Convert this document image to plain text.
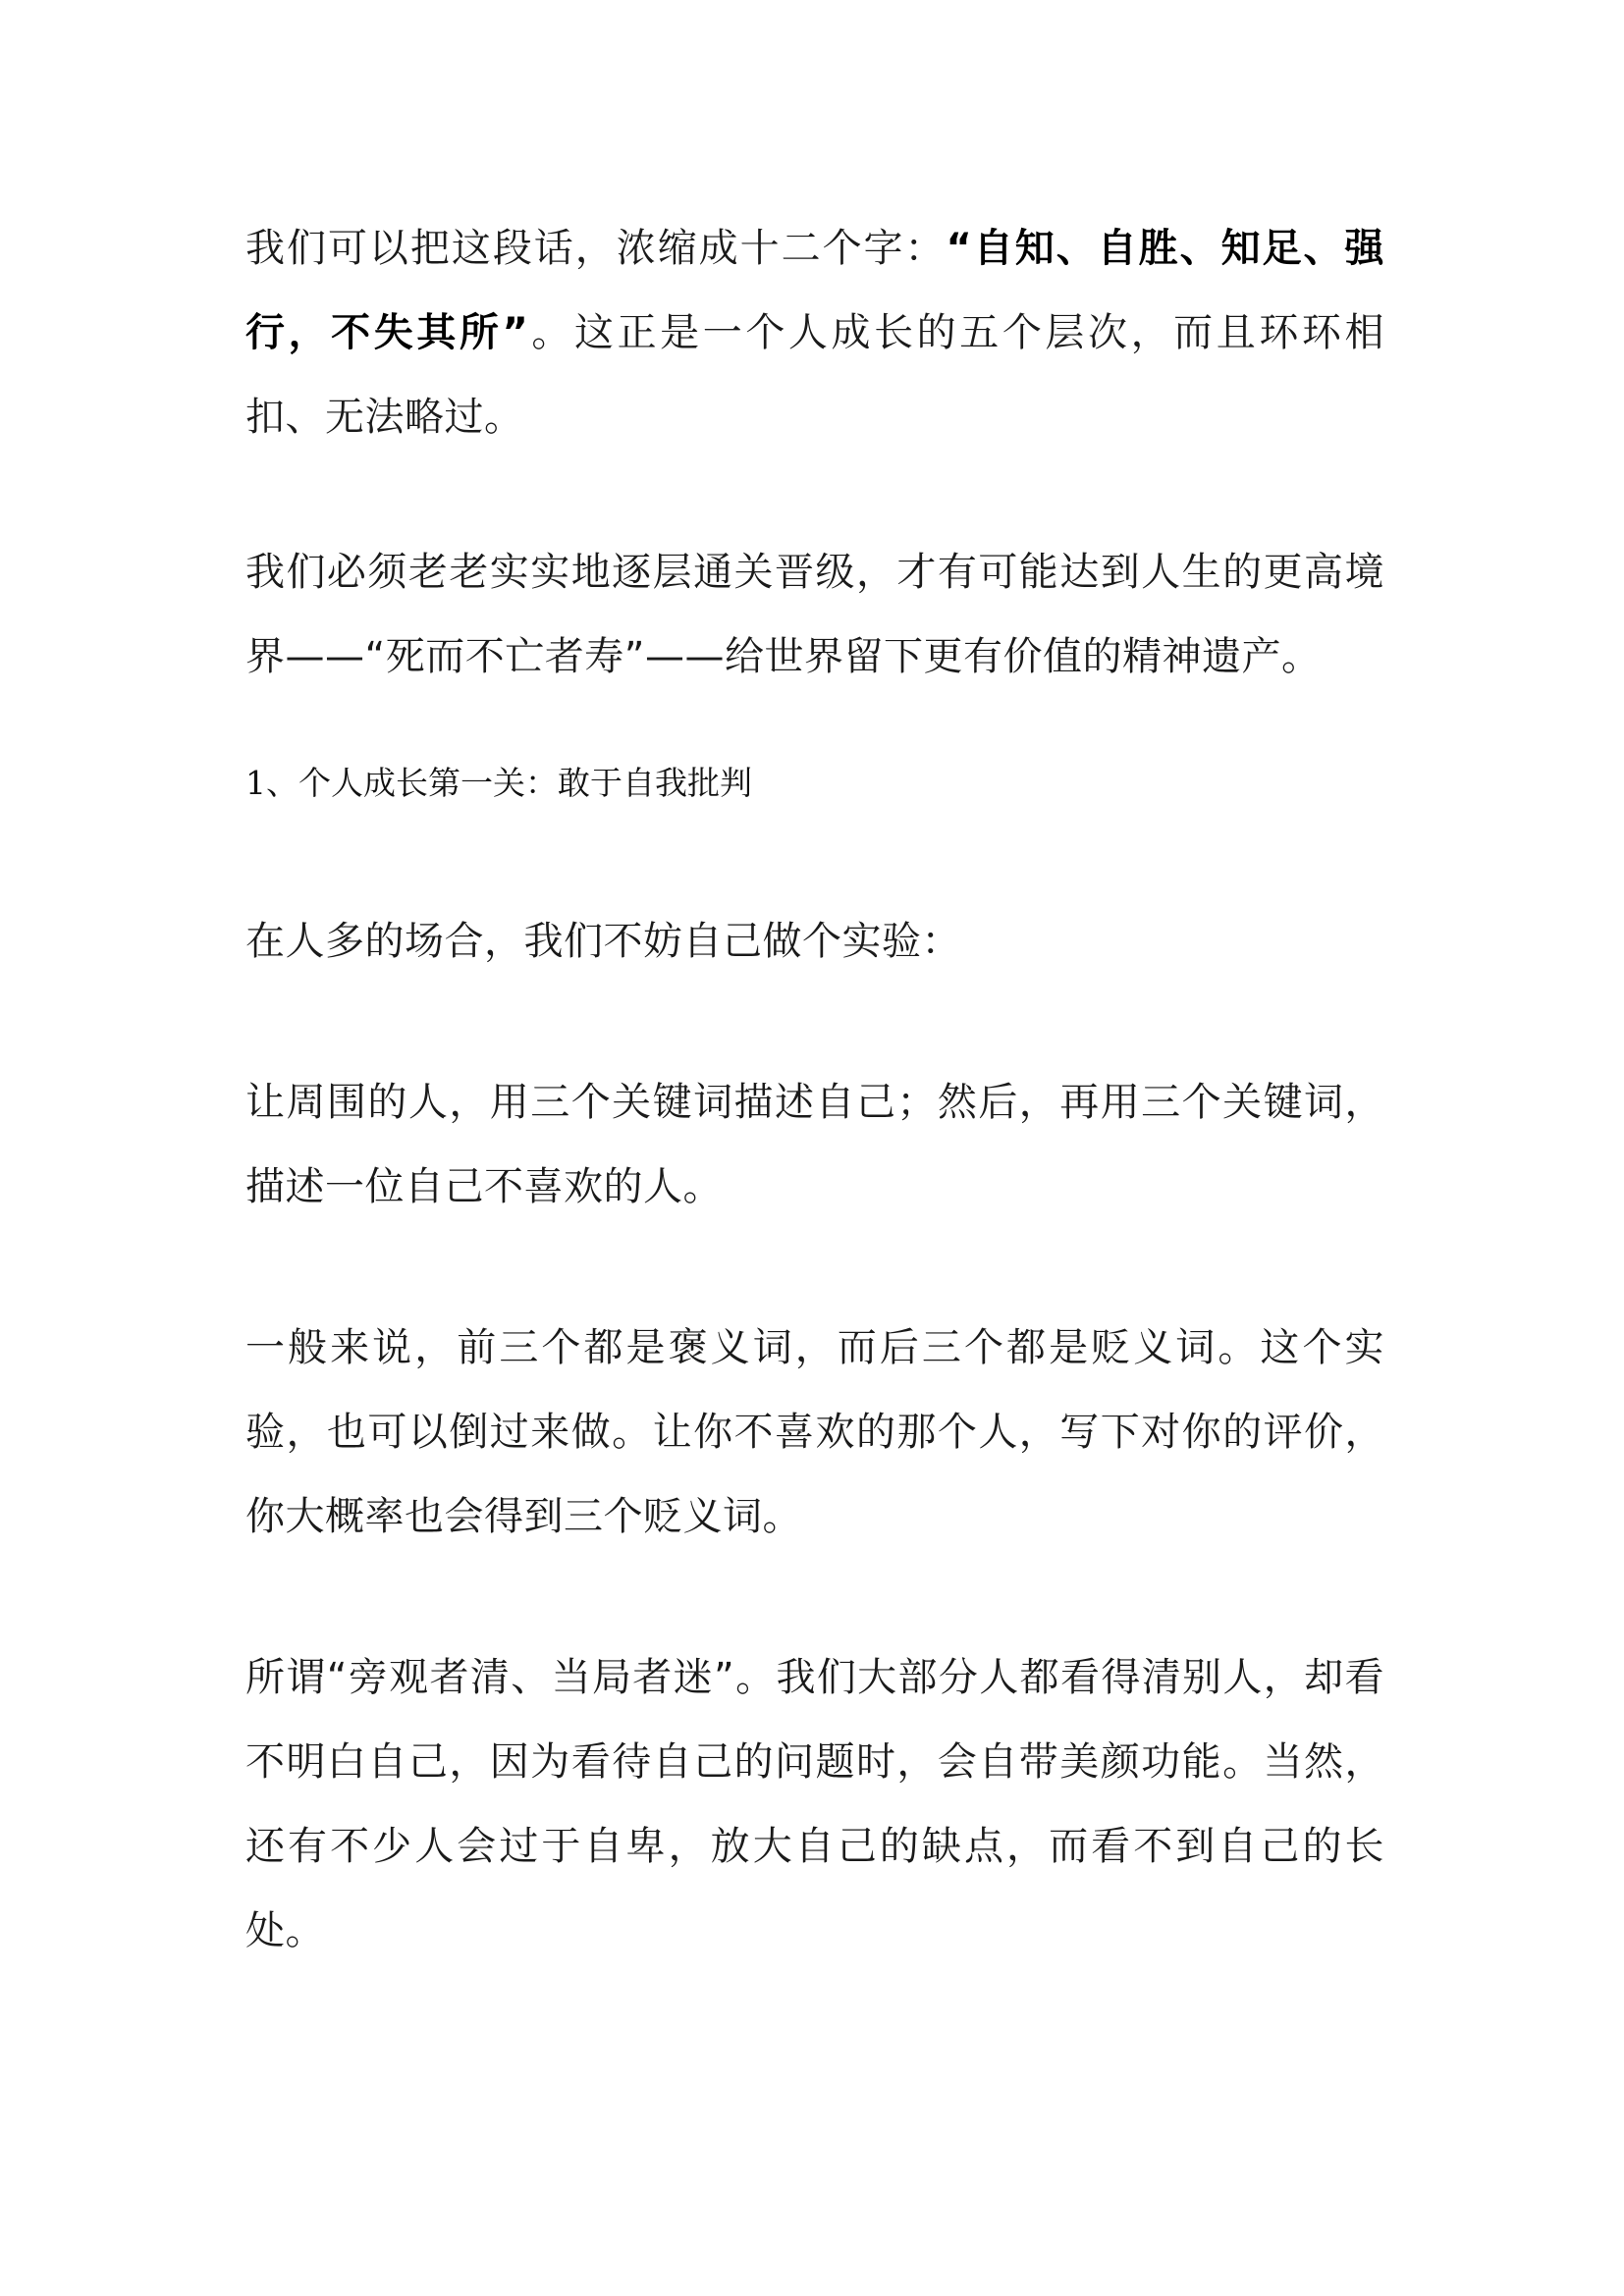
我们可以把这段话，浓缩成十二个字：“自知、自胜、知足、强行，不失其所”。这正是一个人成长的五个层次，而且环环相扣、无法略过。

我们必须老老实实地逐层通关晋级，才有可能达到人生的更高境界——“死而不亡者寿”——给世界留下更有价值的精神遗产。

1、个人成长第一关：敢于自我批判

在人多的场合，我们不妨自己做个实验：

让周围的人，用三个关键词描述自己；然后，再用三个关键词，描述一位自己不喜欢的人。

一般来说，前三个都是褒义词，而后三个都是贬义词。这个实验，也可以倒过来做。让你不喜欢的那个人，写下对你的评价，你大概率也会得到三个贬义词。

所谓“旁观者清、当局者迷”。我们大部分人都看得清别人，却看不明白自己，因为看待自己的问题时，会自带美颜功能。当然，还有不少人会过于自卑，放大自己的缺点，而看不到自己的长处。
